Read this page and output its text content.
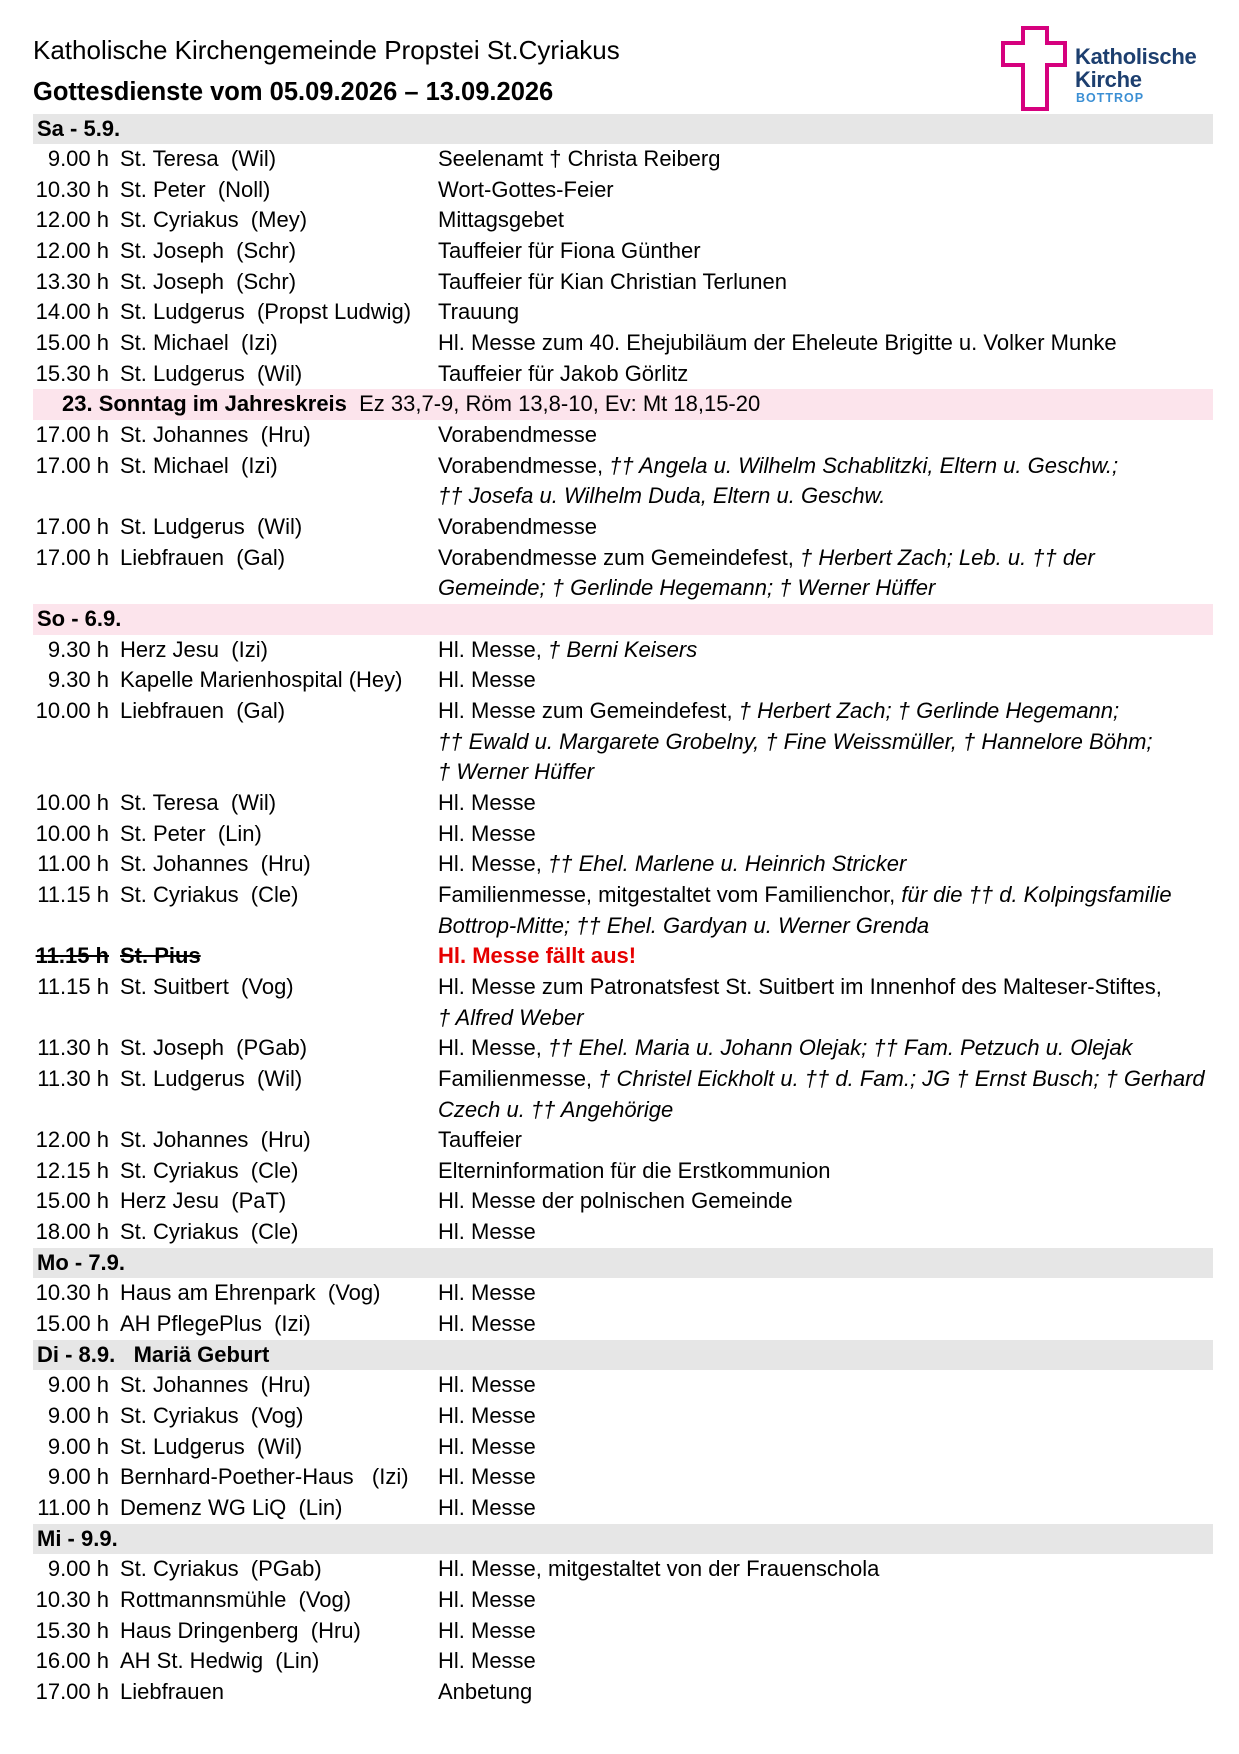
Katholische Kirchengemeinde Propstei St.Cyriakus
Gottesdienste vom 05.09.2026 – 13.09.2026
Katholische
Kirche
BOTTROP
Sa - 5.9.
9.00 h St. Teresa  (Wil)	Seelenamt † Christa Reiberg
10.30 h St. Peter  (Noll)	Wort-Gottes-Feier
12.00 h St. Cyriakus  (Mey)	Mittagsgebet
12.00 h St. Joseph  (Schr)	Tauffeier für Fiona Günther
13.30 h St. Joseph  (Schr)	Tauffeier für Kian Christian Terlunen
14.00 h St. Ludgerus  (Propst Ludwig)	Trauung
15.00 h St. Michael  (Izi)	Hl. Messe zum 40. Ehejubiläum der Eheleute Brigitte u. Volker Munke
15.30 h St. Ludgerus  (Wil)	Tauffeier für Jakob Görlitz
23. Sonntag im Jahreskreis  Ez 33,7-9, Röm 13,8-10, Ev: Mt 18,15-20
17.00 h St. Johannes  (Hru)	Vorabendmesse
17.00 h St. Michael  (Izi)	Vorabendmesse, †† Angela u. Wilhelm Schablitzki, Eltern u. Geschw.;
†† Josefa u. Wilhelm Duda, Eltern u. Geschw.
17.00 h St. Ludgerus  (Wil)	Vorabendmesse
17.00 h Liebfrauen  (Gal)	Vorabendmesse zum Gemeindefest, † Herbert Zach; Leb. u. †† der
Gemeinde; † Gerlinde Hegemann; † Werner Hüffer
So - 6.9.
9.30 h Herz Jesu  (Izi)	Hl. Messe, † Berni Keisers
9.30 h Kapelle Marienhospital (Hey)	Hl. Messe
10.00 h Liebfrauen  (Gal)	Hl. Messe zum Gemeindefest, † Herbert Zach; † Gerlinde Hegemann;
†† Ewald u. Margarete Grobelny, † Fine Weissmüller, † Hannelore Böhm;
† Werner Hüffer
10.00 h St. Teresa  (Wil)	Hl. Messe
10.00 h St. Peter  (Lin)	Hl. Messe
11.00 h St. Johannes  (Hru)	Hl. Messe, †† Ehel. Marlene u. Heinrich Stricker
11.15 h St. Cyriakus  (Cle)	Familienmesse, mitgestaltet vom Familienchor, für die †† d. Kolpingsfamilie
Bottrop-Mitte; †† Ehel. Gardyan u. Werner Grenda
11.15 h St. Pius	Hl. Messe fällt aus!
11.15 h St. Suitbert  (Vog)	Hl. Messe zum Patronatsfest St. Suitbert im Innenhof des Malteser-Stiftes,
† Alfred Weber
11.30 h St. Joseph  (PGab)	Hl. Messe, †† Ehel. Maria u. Johann Olejak; †† Fam. Petzuch u. Olejak
11.30 h St. Ludgerus  (Wil)	Familienmesse, † Christel Eickholt u. †† d. Fam.; JG † Ernst Busch; † Gerhard
Czech u. †† Angehörige
12.00 h St. Johannes  (Hru)	Tauffeier
12.15 h St. Cyriakus  (Cle)	Elterninformation für die Erstkommunion
15.00 h Herz Jesu  (PaT)	Hl. Messe der polnischen Gemeinde
18.00 h St. Cyriakus  (Cle)	Hl. Messe
Mo - 7.9.
10.30 h Haus am Ehrenpark  (Vog)	Hl. Messe
15.00 h AH PflegePlus  (Izi)	Hl. Messe
Di - 8.9.   Mariä Geburt
9.00 h St. Johannes  (Hru)	Hl. Messe
9.00 h St. Cyriakus  (Vog)	Hl. Messe
9.00 h St. Ludgerus  (Wil)	Hl. Messe
9.00 h Bernhard-Poether-Haus   (Izi)	Hl. Messe
11.00 h Demenz WG LiQ  (Lin)	Hl. Messe
Mi - 9.9.
9.00 h St. Cyriakus  (PGab)	Hl. Messe, mitgestaltet von der Frauenschola
10.30 h Rottmannsmühle  (Vog)	Hl. Messe
15.30 h Haus Dringenberg  (Hru)	Hl. Messe
16.00 h AH St. Hedwig  (Lin)	Hl. Messe
17.00 h Liebfrauen	Anbetung
